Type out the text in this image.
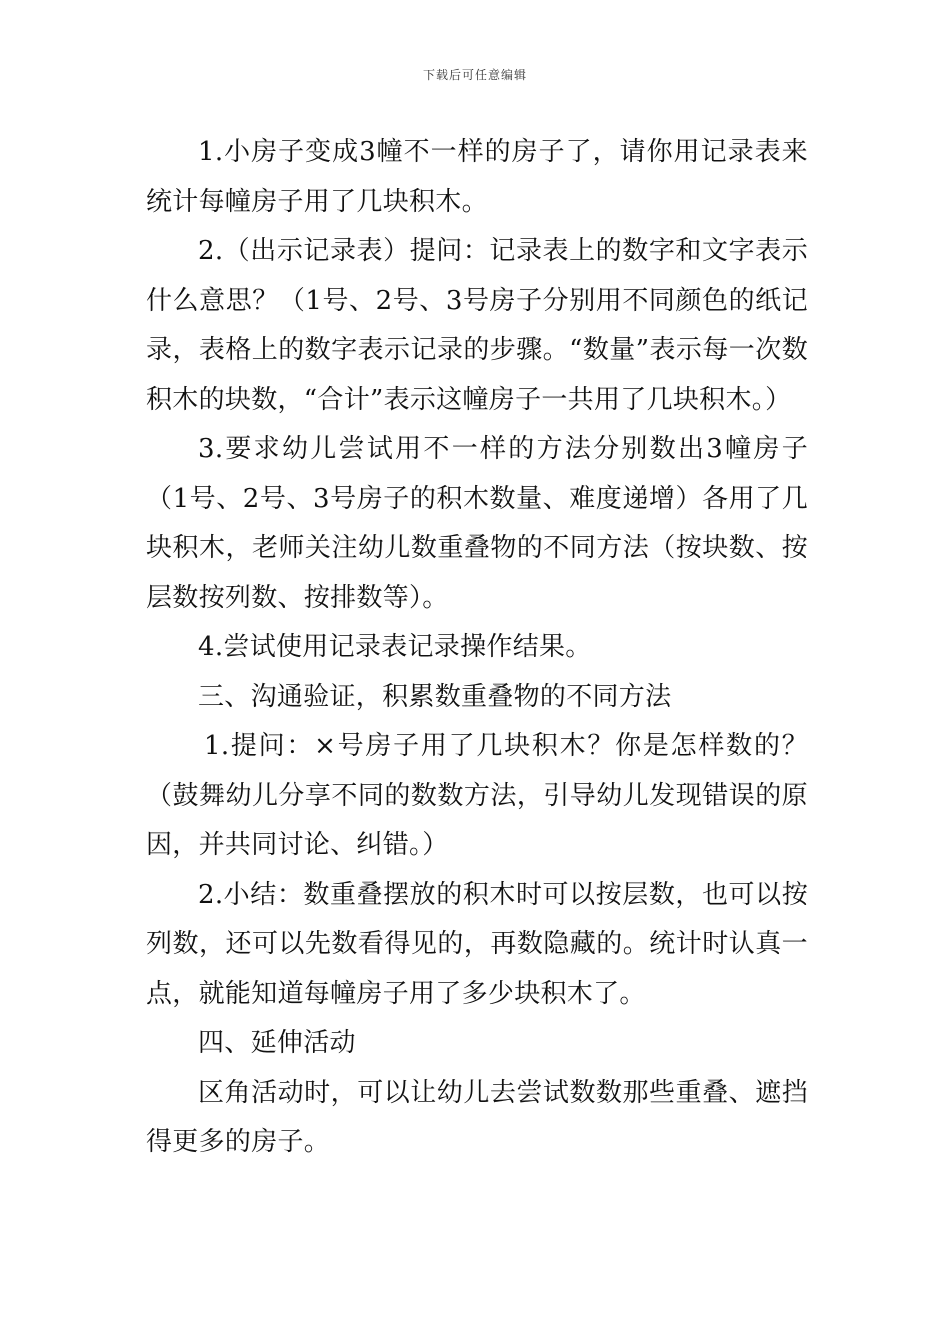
下载后可任意编辑

1.小房子变成3幢不一样的房子了，请你用记录表来统计每幢房子用了几块积木。

2.（出示记录表）提问：记录表上的数字和文字表示什么意思？（1号、2号、3号房子分别用不同颜色的纸记录，表格上的数字表示记录的步骤。“数量”表示每一次数积木的块数，“合计”表示这幢房子一共用了几块积木。）

3.要求幼儿尝试用不一样的方法分别数出3幢房子（1号、2号、3号房子的积木数量、难度递增）各用了几块积木，老师关注幼儿数重叠物的不同方法（按块数、按层数按列数、按排数等）。

4.尝试使用记录表记录操作结果。

三、沟通验证，积累数重叠物的不同方法

1.提问：×号房子用了几块积木？你是怎样数的？（鼓舞幼儿分享不同的数数方法，引导幼儿发现错误的原因，并共同讨论、纠错。）

2.小结：数重叠摆放的积木时可以按层数，也可以按列数，还可以先数看得见的，再数隐藏的。统计时认真一点，就能知道每幢房子用了多少块积木了。

四、延伸活动

区角活动时，可以让幼儿去尝试数数那些重叠、遮挡得更多的房子。
